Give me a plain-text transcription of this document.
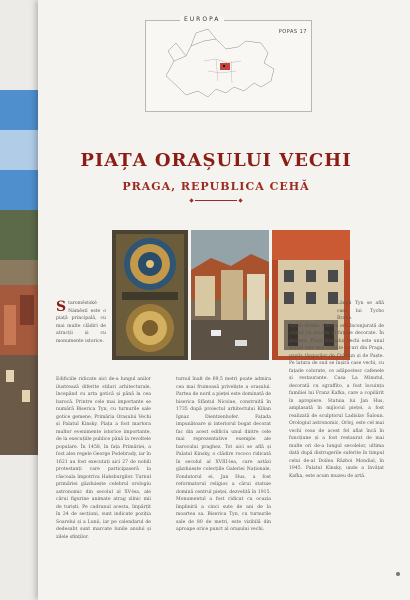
EUROPA
POPAS 17
PIAȚA ORAȘULUI VECHI
PRAGA, REPUBLICA CEHĂ
Staroměstské Náměstí este o piață principală, cu mai multe clădiri de atracții și cu monumente istorice.
Edificiile ridicate aici de-a lungul anilor ilustrează diferite stiluri arhitecturale, începând cu arta gotică și până la cea barocă. Printre cele mai importante se numără Biserica Tyn, cu turnurile sale gotice gemene, Primăria Orașului Vechi și Palatul Kinsky. Piața a fost martora multor evenimente istorice importante, de la execuțiile publice până la revoltele populare. În 1458, în fața Primăriei, a fost ales regele George Podebrady, iar în 1621 au fost executați aici 27 de nobili protestanți care participaseră la răscoala împotriva Habsburgilor. Turnul primăriei găzduiește celebrul orologiu astronomic din secolul al XV-lea, ale cărui figurine animate atrag zilnic mii de turiști. Pe cadranul acesta, împărțit în 24 de secțiuni, sunt indicate poziția Soarelui și a Lunii, iar pe calendarul de dedesubt sunt marcate lunile anului și zilele sfinților.
turnul înalt de 69,5 metri poate admira cea mai frumoasă priveliște a orașului. Partea de nord a pieței este dominată de biserica Sfântul Nicolae, construită în 1735 după proiectul arhitectului Kilian Ignaz Dientzenhofer. Fațada impunătoare și interiorul bogat decorat fac din acest edificiu unul dintre cele mai reprezentative exemple ale barocului praghez. Tot aici se află și Palatul Kinsky, o clădire rococo ridicată în secolul al XVIII-lea, care astăzi găzduiește colecțiile Galeriei Naționale. Fondatorul ei, Jan Hus, a fost reformatorul religios a cărui statuie domină centrul pieței, dezvelită în 1915. Monumentul a fost ridicat cu ocazia împlinirii a cinci sute de ani de la moartea sa. Biserica Tyn, cu turnurile sale de 80 de metri, este vizibilă din aproape orice punct al orașului vechi.
Lângă Tyn se află casa lui Tycho Brahe.
Tycho Brahe. Curtea era înconjurată de clădiri cu arcade și fațade decorate. În prezent, Piața Orașului Vechi este unul dintre cele mai vizitate locuri din Praga, gazda târgurilor de Crăciun și de Paște. Pe latura de sud se înșiră case vechi, cu fațade colorate, ce adăpostesc cafenele și restaurante. Casa La Minutul, decorată cu sgraffito, a fost locuința familiei lui Franz Kafka, care a copilărit în apropiere. Statuia lui Jan Hus, amplasată în mijlocul pieței, a fost realizată de sculptorul Ladislav Šaloun. Orologiul astronomic, Orloj, este cel mai vechi ceas de acest fel aflat încă în funcțiune și a fost restaurat de mai multe ori de-a lungul secolelor, ultima dată după distrugerile suferite în timpul celui de-al Doilea Război Mondial, în 1945. Palatul Kinsky, unde a învățat Kafka, este acum muzeu de artă.
